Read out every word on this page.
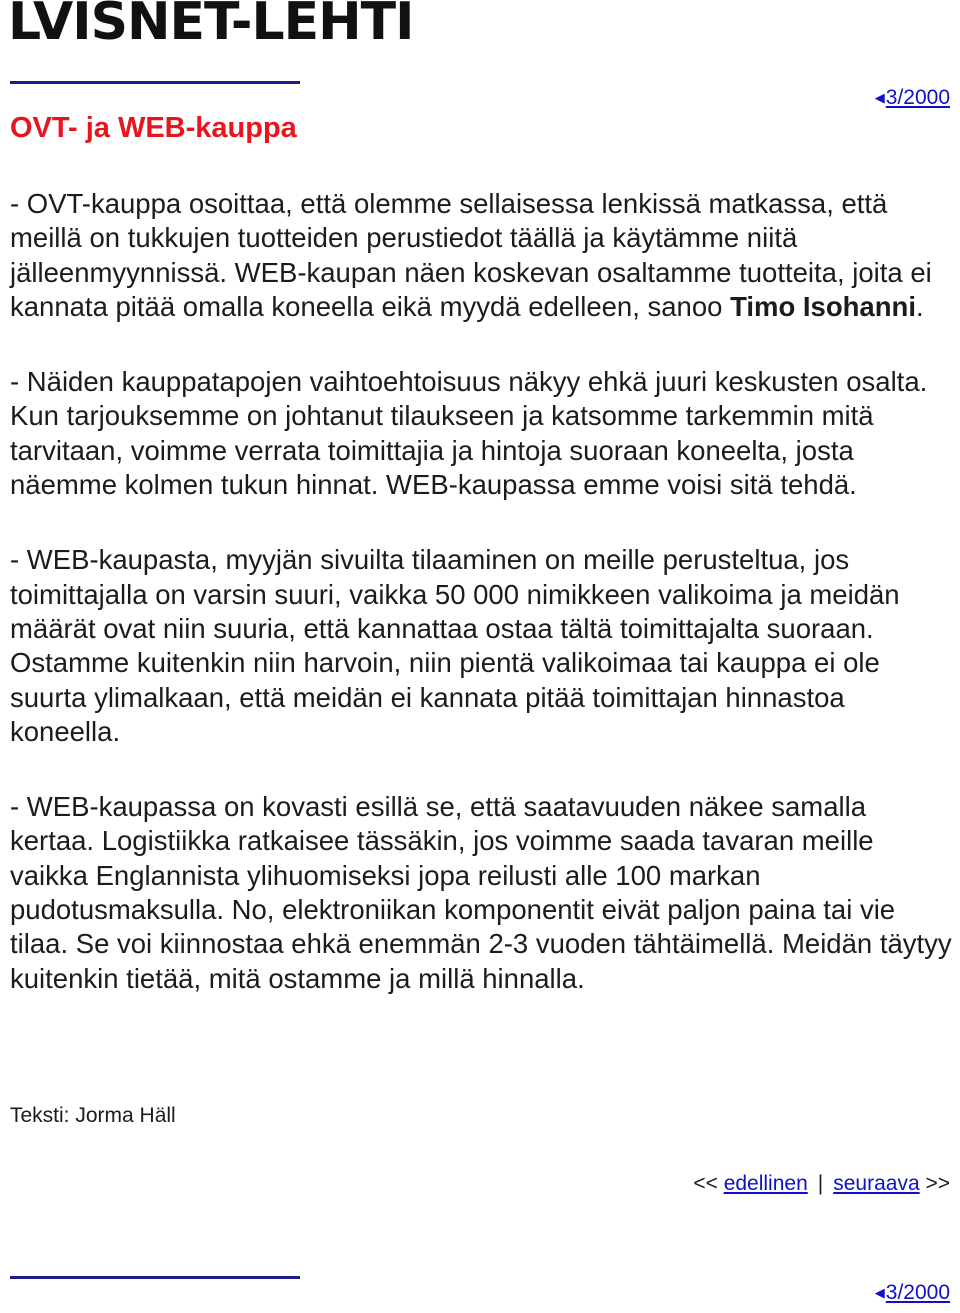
LVISNET-LEHTI
◀3/2000
OVT- ja WEB-kauppa

- OVT-kauppa osoittaa, että olemme sellaisessa lenkissä matkassa, että meillä on tukkujen tuotteiden perustiedot täällä ja käytämme niitä jälleenmyynnissä. WEB-kaupan näen koskevan osaltamme tuotteita, joita ei kannata pitää omalla koneella eikä myydä edelleen, sanoo Timo Isohanni.

- Näiden kauppatapojen vaihtoehtoisuus näkyy ehkä juuri keskusten osalta. Kun tarjouksemme on johtanut tilaukseen ja katsomme tarkemmin mitä tarvitaan, voimme verrata toimittajia ja hintoja suoraan koneelta, josta näemme kolmen tukun hinnat. WEB-kaupassa emme voisi sitä tehdä.

- WEB-kaupasta, myyjän sivuilta tilaaminen on meille perusteltua, jos toimittajalla on varsin suuri, vaikka 50 000 nimikkeen valikoima ja meidän määrät ovat niin suuria, että kannattaa ostaa tältä toimittajalta suoraan. Ostamme kuitenkin niin harvoin, niin pientä valikoimaa tai kauppa ei ole suurta ylimalkaan, että meidän ei kannata pitää toimittajan hinnastoa koneella.

- WEB-kaupassa on kovasti esillä se, että saatavuuden näkee samalla kertaa. Logistiikka ratkaisee tässäkin, jos voimme saada tavaran meille vaikka Englannista ylihuomiseksi jopa reilusti alle 100 markan pudotusmaksulla. No, elektroniikan komponentit eivät paljon paina tai vie tilaa. Se voi kiinnostaa ehkä enemmän 2-3 vuoden tähtäimellä. Meidän täytyy kuitenkin tietää, mitä ostamme ja millä hinnalla.

Teksti: Jorma Häll
<< edellinen | seuraava >>
◀3/2000
